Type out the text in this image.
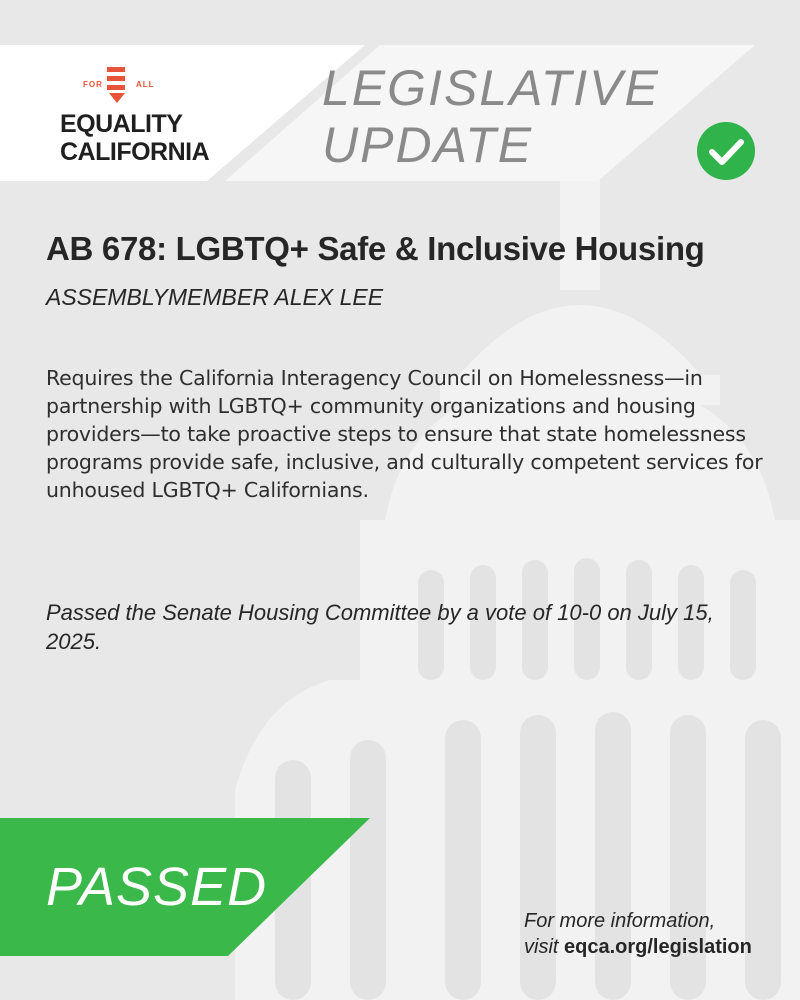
FOR	ALL
EQUALITY
CALIFORNIA
LEGISLATIVE
UPDATE
AB 678: LGBTQ+ Safe & Inclusive Housing
ASSEMBLYMEMBER ALEX LEE

Requires the California Interagency Council on Homelessness—in partnership with LGBTQ+ community organizations and housing providers—to take proactive steps to ensure that state homelessness programs provide safe, inclusive, and culturally competent services for unhoused LGBTQ+ Californians.

Passed the Senate Housing Committee by a vote of 10-0 on July 15, 2025.

PASSED
For more information,
visit eqca.org/legislation
